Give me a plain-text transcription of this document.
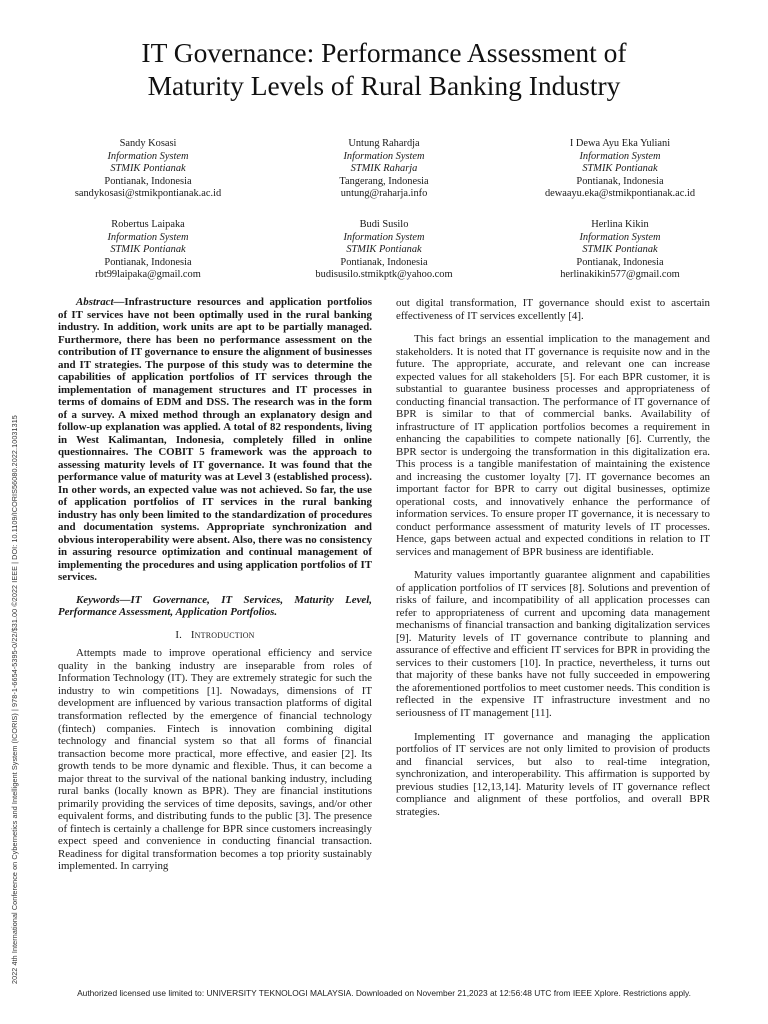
2022 4th International Conference on Cybernetics and Intelligent System (ICORIS) | 978-1-6654-5395-0/22/$31.00 ©2022 IEEE | DOI: 10.1109/ICORIS56080.2022.10031315
IT Governance: Performance Assessment of
Maturity Levels of Rural Banking Industry
Sandy Kosasi
Information System
STMIK Pontianak
Pontianak, Indonesia
sandykosasi@stmikpontianak.ac.id
Untung Rahardja
Information System
STMIK Raharja
Tangerang, Indonesia
untung@raharja.info
I Dewa Ayu Eka Yuliani
Information System
STMIK Pontianak
Pontianak, Indonesia
dewaayu.eka@stmikpontianak.ac.id
Robertus Laipaka
Information System
STMIK Pontianak
Pontianak, Indonesia
rbt99laipaka@gmail.com
Budi Susilo
Information System
STMIK Pontianak
Pontianak, Indonesia
budisusilo.stmikptk@yahoo.com
Herlina Kikin
Information System
STMIK Pontianak
Pontianak, Indonesia
herlinakikin577@gmail.com

Abstract—Infrastructure resources and application portfolios of IT services have not been optimally used in the rural banking industry. In addition, work units are apt to be partially managed. Furthermore, there has been no performance assessment on the contribution of IT governance to ensure the alignment of businesses and IT strategies. The purpose of this study was to determine the capabilities of application portfolios of IT services through the implementation of management structures and IT processes in terms of domains of EDM and DSS. The research was in the form of a survey. A mixed method through an explanatory design and follow-up explanation was applied. A total of 82 respondents, living in West Kalimantan, Indonesia, completely filled in online questionnaires. The COBIT 5 framework was the approach to assessing maturity levels of IT governance. It was found that the performance value of maturity was at Level 3 (established process). In other words, an expected value was not achieved. So far, the use of application portfolios of IT services in the rural banking industry has only been limited to the standardization of procedures and documentation systems. Appropriate synchronization and obvious interoperability were absent. Also, there was no consistency in assuring resource optimization and continual management of implementing the procedures and using application portfolios of IT services.

Keywords—IT Governance, IT Services, Maturity Level, Performance Assessment, Application Portfolios.

I. Introduction

Attempts made to improve operational efficiency and service quality in the banking industry are inseparable from roles of Information Technology (IT). They are extremely strategic for such the industry to win competitions [1]. Nowadays, dimensions of IT development are influenced by various transaction platforms of digital transformation reflected by the emergence of financial technology (fintech) companies. Fintech is innovation combining digital technology and financial system so that all forms of financial transaction become more practical, more effective, and easier [2]. Its growth tends to be more dynamic and flexible. Thus, it can become a major threat to the survival of the national banking industry, including rural banks (locally known as BPR). They are financial institutions primarily providing the services of time deposits, savings, and/or other equivalent forms, and distributing funds to the public [3]. The presence of fintech is certainly a challenge for BPR since customers increasingly expect speed and convenience in conducting financial transaction. Readiness for digital transformation becomes a top priority sustainably implemented. In carrying

out digital transformation, IT governance should exist to ascertain effectiveness of IT services excellently [4].

This fact brings an essential implication to the management and stakeholders. It is noted that IT governance is requisite now and in the future. The appropriate, accurate, and relevant one can increase expected values for all stakeholders [5]. For each BPR customer, it is substantial to guarantee business processes and appropriateness of conducting financial transaction. The performance of IT governance of BPR is similar to that of commercial banks. Availability of infrastructure of IT application portfolios becomes a requirement in enhancing the capabilities to compete nationally [6]. Currently, the BPR sector is undergoing the transformation in this digitalization era. This process is a tangible manifestation of maintaining the existence and increasing the customer loyalty [7]. IT governance becomes an important factor for BPR to carry out digital businesses, optimize operational costs, and innovatively enhance the performance of information services. To ensure proper IT governance, it is necessary to conduct performance assessment of maturity levels of IT processes. Hence, gaps between actual and expected conditions in relation to IT services and management of BPR business are identifiable.

Maturity values importantly guarantee alignment and capabilities of application portfolios of IT services [8]. Solutions and prevention of risks of failure, and incompatibility of all application processes can refer to appropriateness of current and upcoming data management mechanisms of financial transaction and banking digitalization services [9]. Maturity levels of IT governance contribute to planning and assurance of effective and efficient IT services for BPR in providing the services to their customers [10]. In practice, nevertheless, it turns out that majority of these banks have not fully succeeded in empowering the aforementioned portfolios to meet customer needs. This condition is reflected in the expensive IT infrastructure investment and no seriousness of IT management [11].

Implementing IT governance and managing the application portfolios of IT services are not only limited to provision of products and financial services, but also to real-time integration, synchronization, and interoperability. This affirmation is supported by previous studies [12,13,14]. Maturity levels of IT governance reflect compliance and alignment of these portfolios, and overall BPR strategies.

Authorized licensed use limited to: UNIVERSITY TEKNOLOGI MALAYSIA. Downloaded on November 21,2023 at 12:56:48 UTC from IEEE Xplore. Restrictions apply.
